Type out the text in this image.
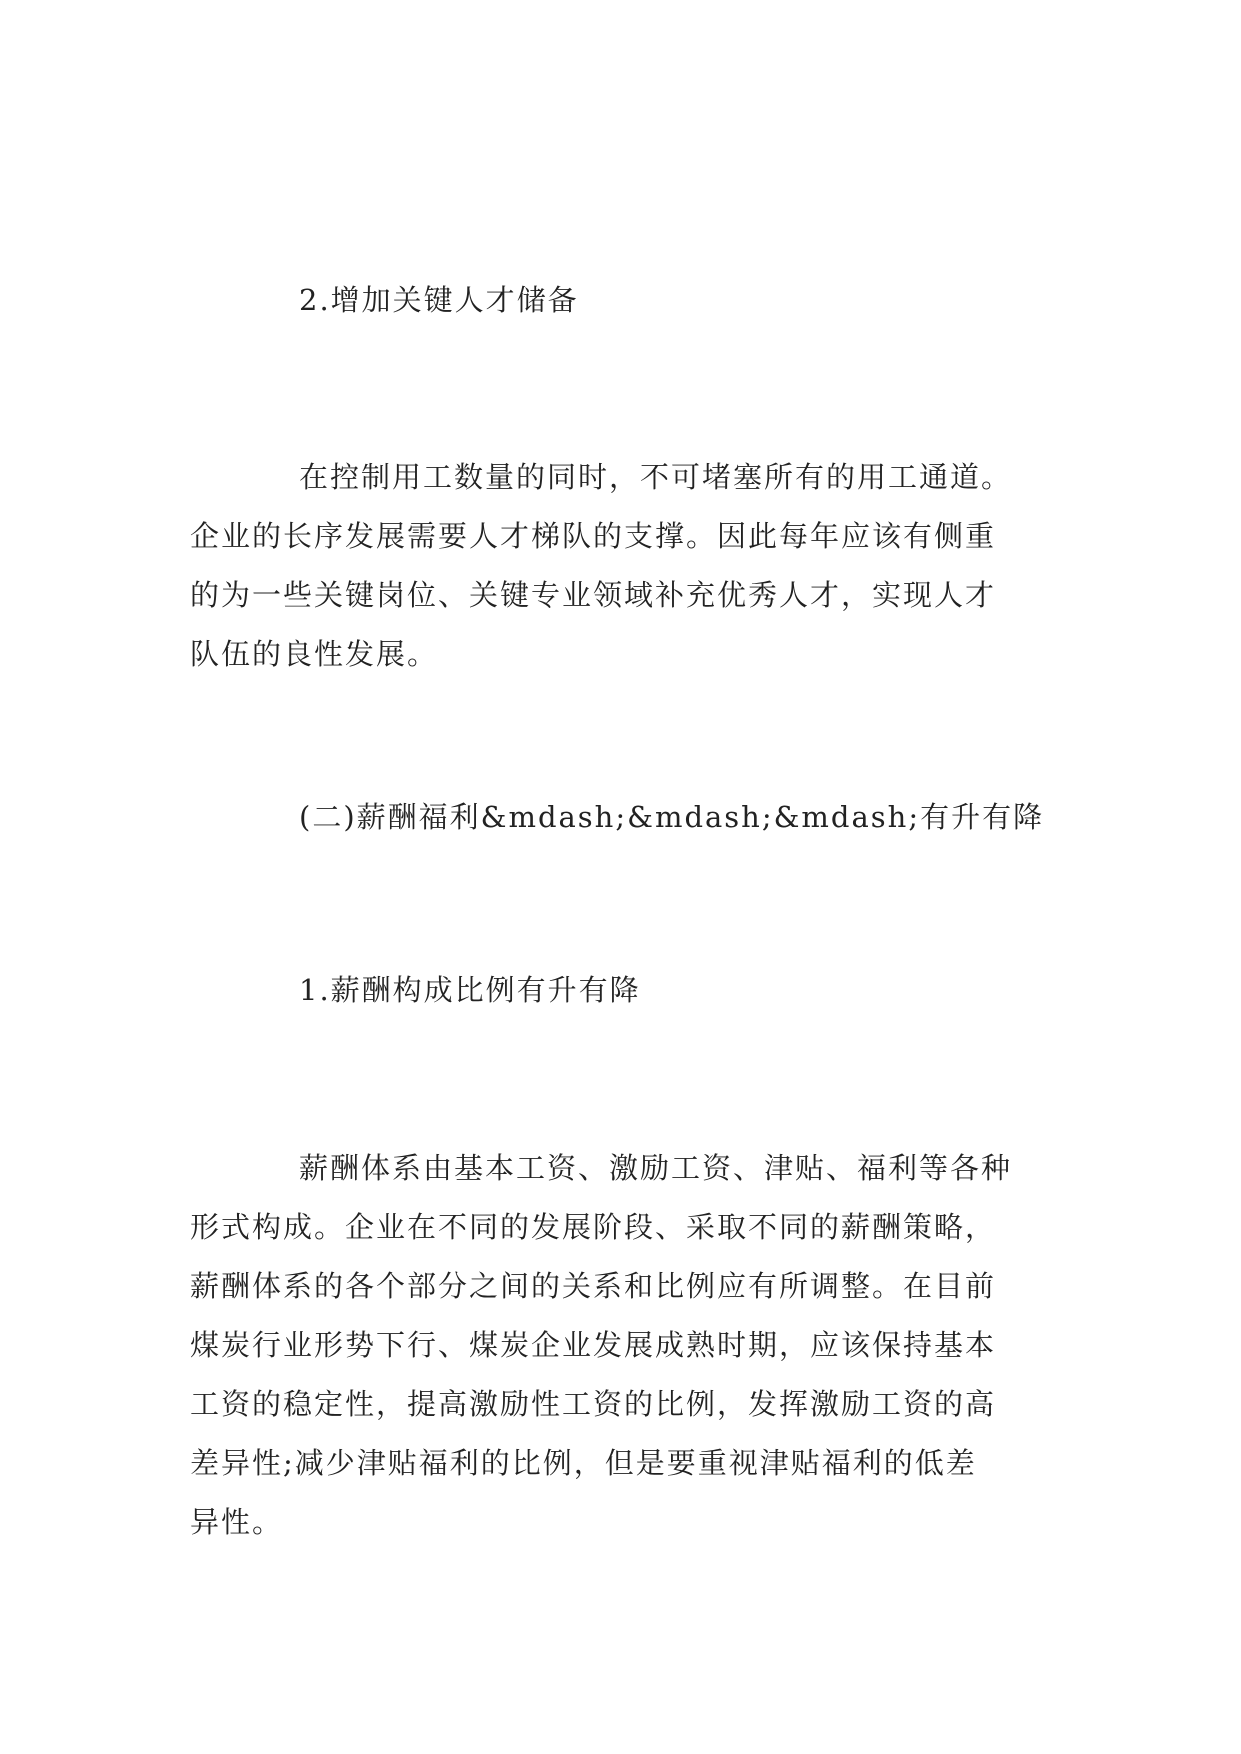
2.增加关键人才储备

在控制用工数量的同时，不可堵塞所有的用工通道。
企业的长序发展需要人才梯队的支撑。因此每年应该有侧重
的为一些关键岗位、关键专业领域补充优秀人才，实现人才
队伍的良性发展。

(二)薪酬福利&mdash;&mdash;&mdash;有升有降
1.薪酬构成比例有升有降

薪酬体系由基本工资、激励工资、津贴、福利等各种
形式构成。企业在不同的发展阶段、采取不同的薪酬策略，
薪酬体系的各个部分之间的关系和比例应有所调整。在目前
煤炭行业形势下行、煤炭企业发展成熟时期，应该保持基本
工资的稳定性，提高激励性工资的比例，发挥激励工资的高
差异性;减少津贴福利的比例，但是要重视津贴福利的低差
异性。
